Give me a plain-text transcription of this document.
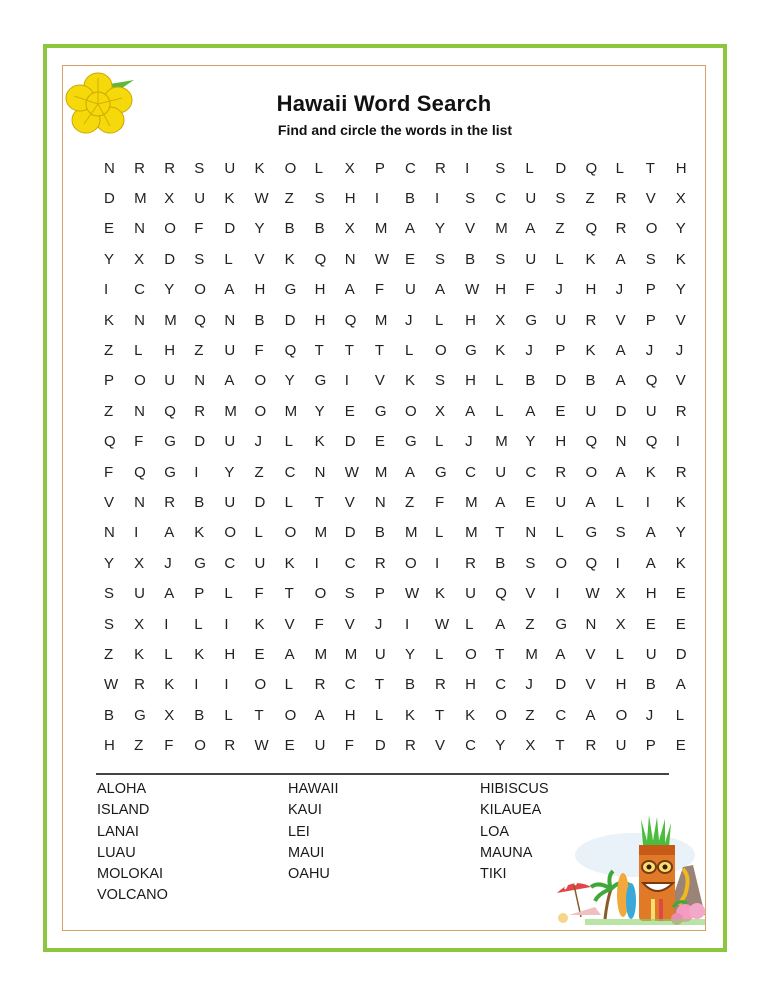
Hawaii Word Search
Find and circle the words in the list
N	R	R	S	U	K	O	L	X	P	C	R	I	S	L	D	Q	L	T	H
D	M	X	U	K	W	Z	S	H	I	B	I	S	C	U	S	Z	R	V	X
E	N	O	F	D	Y	B	B	X	M	A	Y	V	M	A	Z	Q	R	O	Y
Y	X	D	S	L	V	K	Q	N	W	E	S	B	S	U	L	K	A	S	K
I	C	Y	O	A	H	G	H	A	F	U	A	W	H	F	J	H	J	P	Y
K	N	M	Q	N	B	D	H	Q	M	J	L	H	X	G	U	R	V	P	V
Z	L	H	Z	U	F	Q	T	T	T	L	O	G	K	J	P	K	A	J	J
P	O	U	N	A	O	Y	G	I	V	K	S	H	L	B	D	B	A	Q	V
Z	N	Q	R	M	O	M	Y	E	G	O	X	A	L	A	E	U	D	U	R
Q	F	G	D	U	J	L	K	D	E	G	L	J	M	Y	H	Q	N	Q	I
F	Q	G	I	Y	Z	C	N	W	M	A	G	C	U	C	R	O	A	K	R
V	N	R	B	U	D	L	T	V	N	Z	F	M	A	E	U	A	L	I	K
N	I	A	K	O	L	O	M	D	B	M	L	M	T	N	L	G	S	A	Y
Y	X	J	G	C	U	K	I	C	R	O	I	R	B	S	O	Q	I	A	K
S	U	A	P	L	F	T	O	S	P	W	K	U	Q	V	I	W	X	H	E
S	X	I	L	I	K	V	F	V	J	I	W	L	A	Z	G	N	X	E	E
Z	K	L	K	H	E	A	M	M	U	Y	L	O	T	M	A	V	L	U	D
W	R	K	I	I	O	L	R	C	T	B	R	H	C	J	D	V	H	B	A
B	G	X	B	L	T	O	A	H	L	K	T	K	O	Z	C	A	O	J	L
H	Z	F	O	R	W	E	U	F	D	R	V	C	Y	X	T	R	U	P	E
ALOHA
ISLAND
LANAI
LUAU
MOLOKAI
VOLCANO
HAWAII
KAUI
LEI
MAUI
OAHU
HIBISCUS
KILAUEA
LOA
MAUNA
TIKI
